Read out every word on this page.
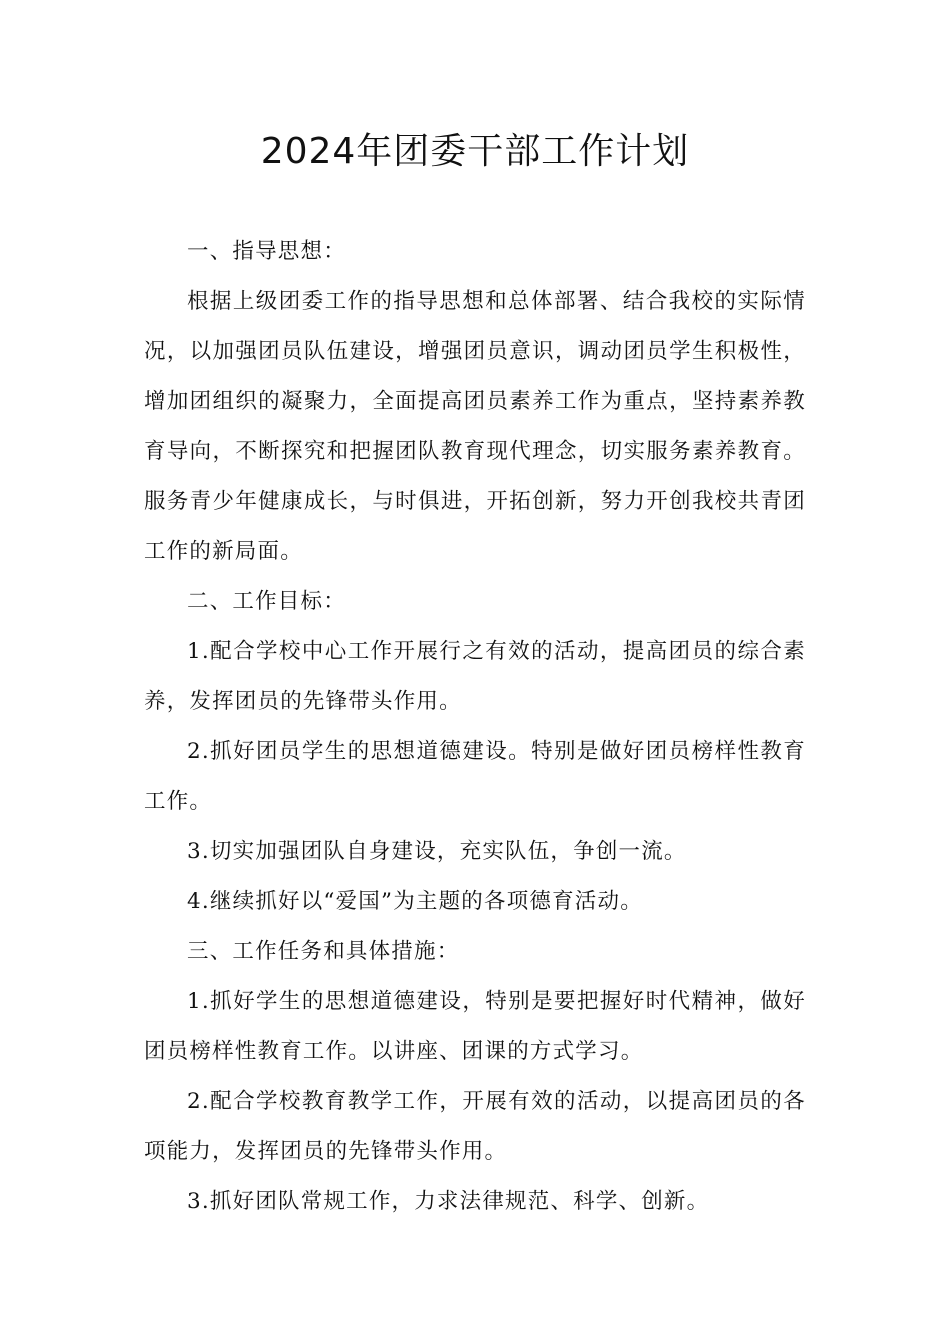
2024年团委干部工作计划

一、指导思想：

根据上级团委工作的指导思想和总体部署、结合我校的实际情况，以加强团员队伍建设，增强团员意识，调动团员学生积极性，增加团组织的凝聚力，全面提高团员素养工作为重点，坚持素养教育导向，不断探究和把握团队教育现代理念，切实服务素养教育。服务青少年健康成长，与时俱进，开拓创新，努力开创我校共青团工作的新局面。

二、工作目标：

1.配合学校中心工作开展行之有效的活动，提高团员的综合素养，发挥团员的先锋带头作用。

2.抓好团员学生的思想道德建设。特别是做好团员榜样性教育工作。

3.切实加强团队自身建设，充实队伍，争创一流。

4.继续抓好以“爱国”为主题的各项德育活动。

三、工作任务和具体措施：

1.抓好学生的思想道德建设，特别是要把握好时代精神，做好团员榜样性教育工作。以讲座、团课的方式学习。

2.配合学校教育教学工作，开展有效的活动，以提高团员的各项能力，发挥团员的先锋带头作用。

3.抓好团队常规工作，力求法律规范、科学、创新。
